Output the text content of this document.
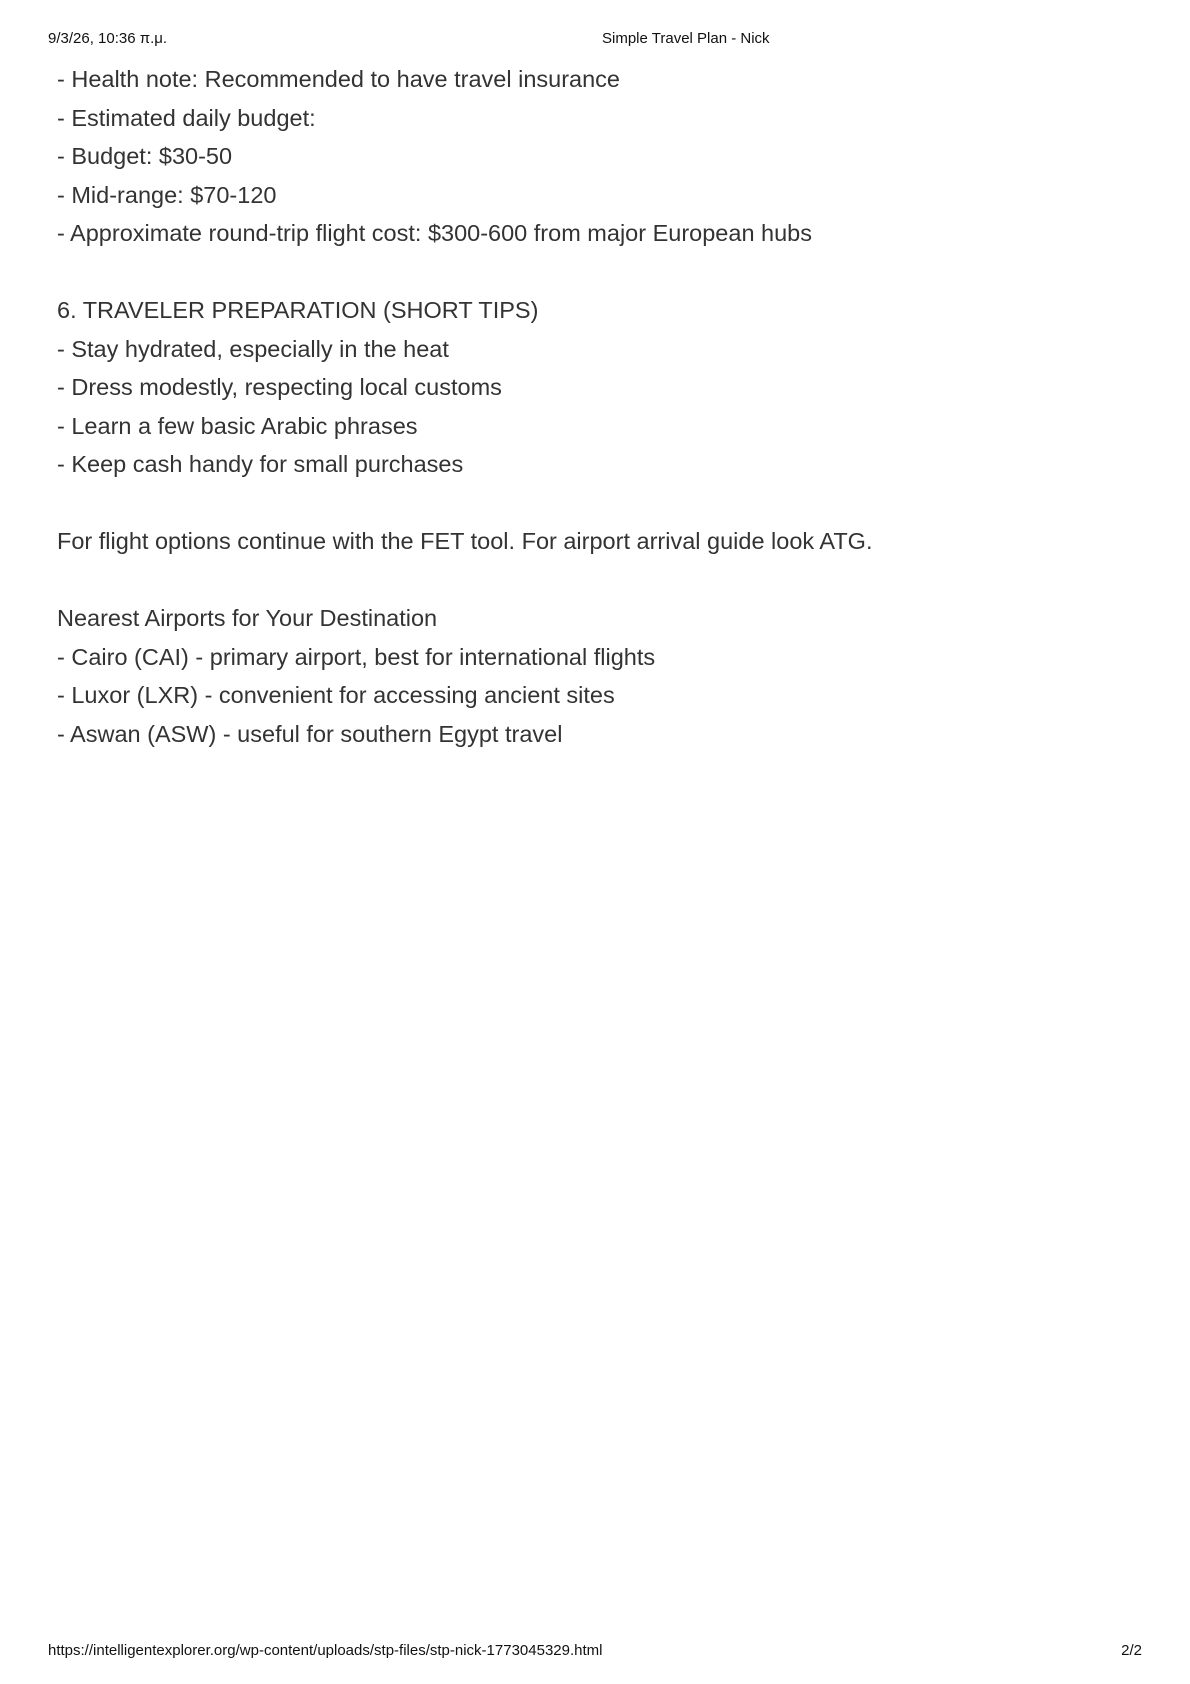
9/3/26, 10:36 π.μ.	Simple Travel Plan - Nick
- Health note: Recommended to have travel insurance
- Estimated daily budget:
- Budget: $30-50
- Mid-range: $70-120
- Approximate round-trip flight cost: $300-600 from major European hubs
6. TRAVELER PREPARATION (SHORT TIPS)
- Stay hydrated, especially in the heat
- Dress modestly, respecting local customs
- Learn a few basic Arabic phrases
- Keep cash handy for small purchases
For flight options continue with the FET tool. For airport arrival guide look ATG.
Nearest Airports for Your Destination
- Cairo (CAI) - primary airport, best for international flights
- Luxor (LXR) - convenient for accessing ancient sites
- Aswan (ASW) - useful for southern Egypt travel
https://intelligentexplorer.org/wp-content/uploads/stp-files/stp-nick-1773045329.html	2/2
